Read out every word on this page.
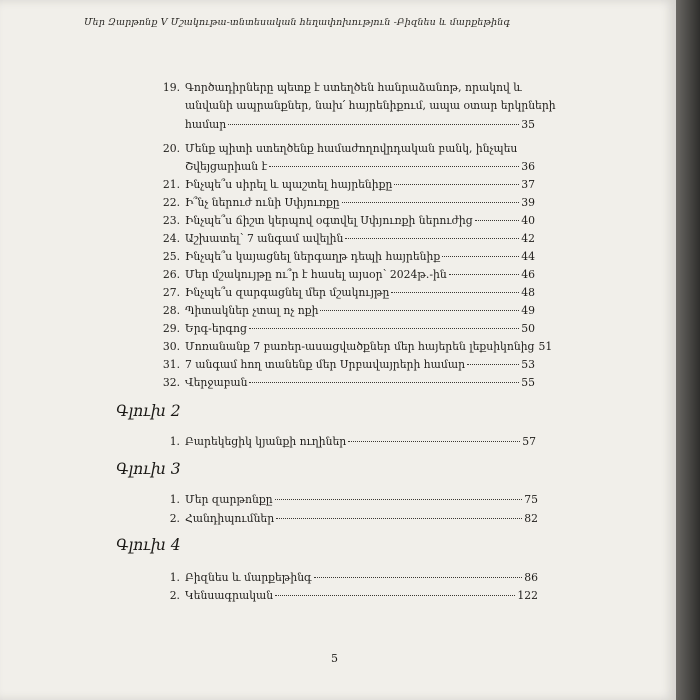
Մեր Զարթոնք V Մշակութա-տնտեսական հեղափոխություն -Բիզնես և մարքեթինգ
19. Գործադիրները պետք է ստեղծեն հանրաձանոթ, որակով և
անվանի ապրանքներ, նախ՛ հայրենիքում, ապա օտար երկրների
համար	35
20. Մենք պիտի ստեղծենք համաժողովրդական բանկ, ինչպես
Շվեյցարիան է	36
21. Ինչպե՞ս սիրել և պաշտել հայրենիքը	37
22. Ի՞նչ ներուժ ունի Սփյուռքը	39
23. Ինչպե՞ս ճիշտ կերպով օգտվել Սփյուռքի ներուժից	40
24. Աշխատել՝ 7 անգամ ավելին	42
25. Ինչպե՞ս կայացնել ներգաղթ դեպի հայրենիք	44
26. Մեր մշակույթը ու՞ր է հասել այսօր՝ 2024թ.-ին	46
27. Ինչպե՞ս զարգացնել մեր մշակույթը	48
28. Պիտակներ չտալ ոչ ոքի	49
29. Երգ-երգոց	50
30. Մոռանանք 7 բառեր-ասացվածքներ մեր հայերեն լեքսիկոնից 51
31. 7 անգամ հող տանենք մեր Սրբավայրերի համար	53
32. Վերջաբան	55
Գլուխ 2
1. Բարեկեցիկ կյանքի ուղիներ	57
Գլուխ 3
1. Մեր զարթոնքը	75
2. Հանդիպումներ	82
Գլուխ 4
1. Բիզնես և մարքեթինգ	86
2. Կենսագրական	122
5
